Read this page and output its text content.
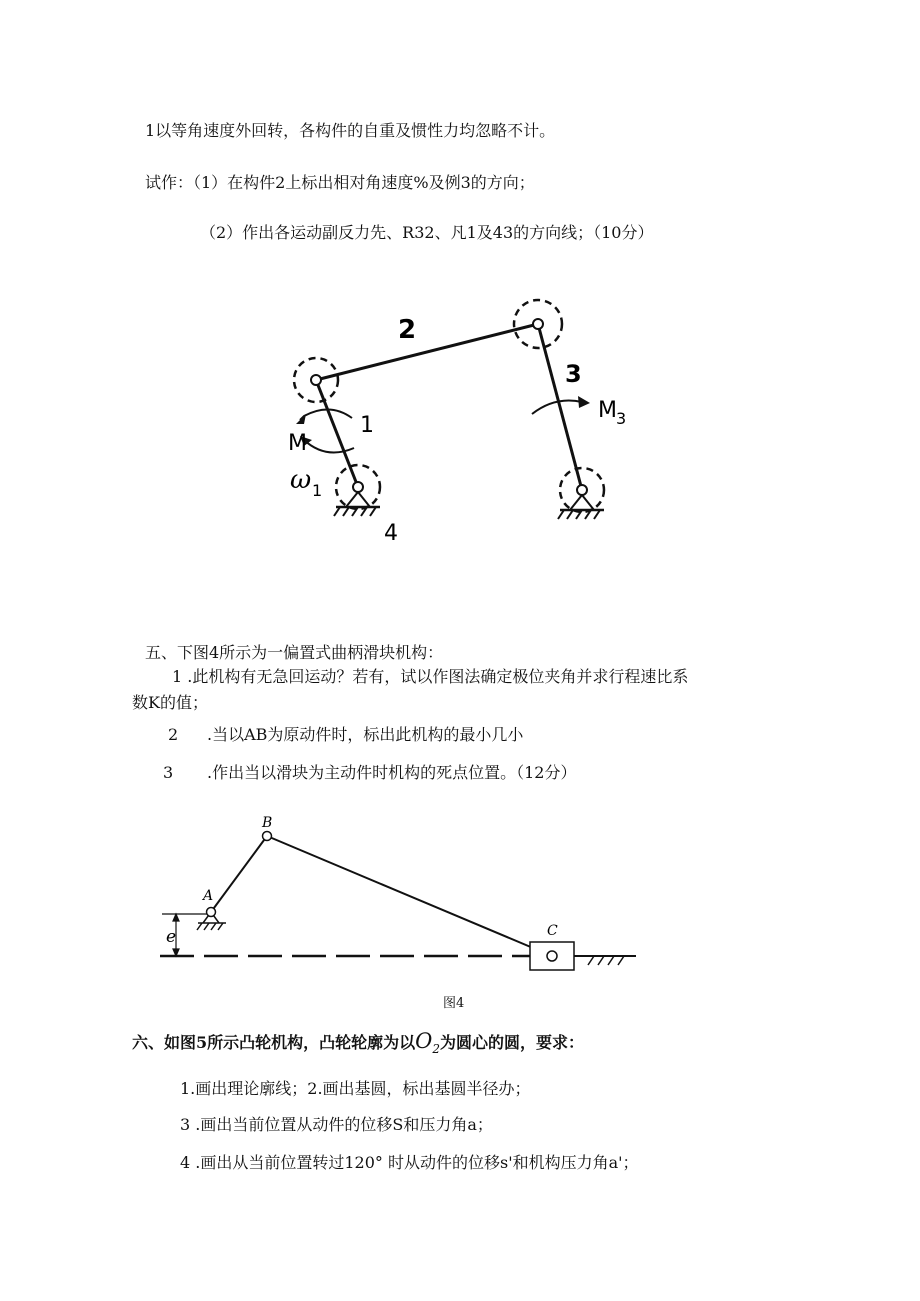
1以等角速度外回转，各构件的自重及惯性力均忽略不计。
试作：（1）在构件2上标出相对角速度%及例3的方向；
（2）作出各运动副反力先、R32、凡1及43的方向线；（10分）
2
3
1
M
ω 1
M 3
4
五、下图4所示为一偏置式曲柄滑块机构：
1 .此机构有无急回运动？若有，试以作图法确定极位夹角并求行程速比系
数K的值；
2 .当以AB为原动件时，标出此机构的最小几小
3 .作出当以滑块为主动件时机构的死点位置。（12分）
e
A
B
C
图4
六、如图5所示凸轮机构，凸轮轮廓为以$O_2$为圆心的圆，要求：
1.画出理论廓线；2.画出基圆，标出基圆半径办；
3 .画出当前位置从动件的位移S和压力角a；
4 .画出从当前位置转过120° 时从动件的位移s'和机构压力角a'；
